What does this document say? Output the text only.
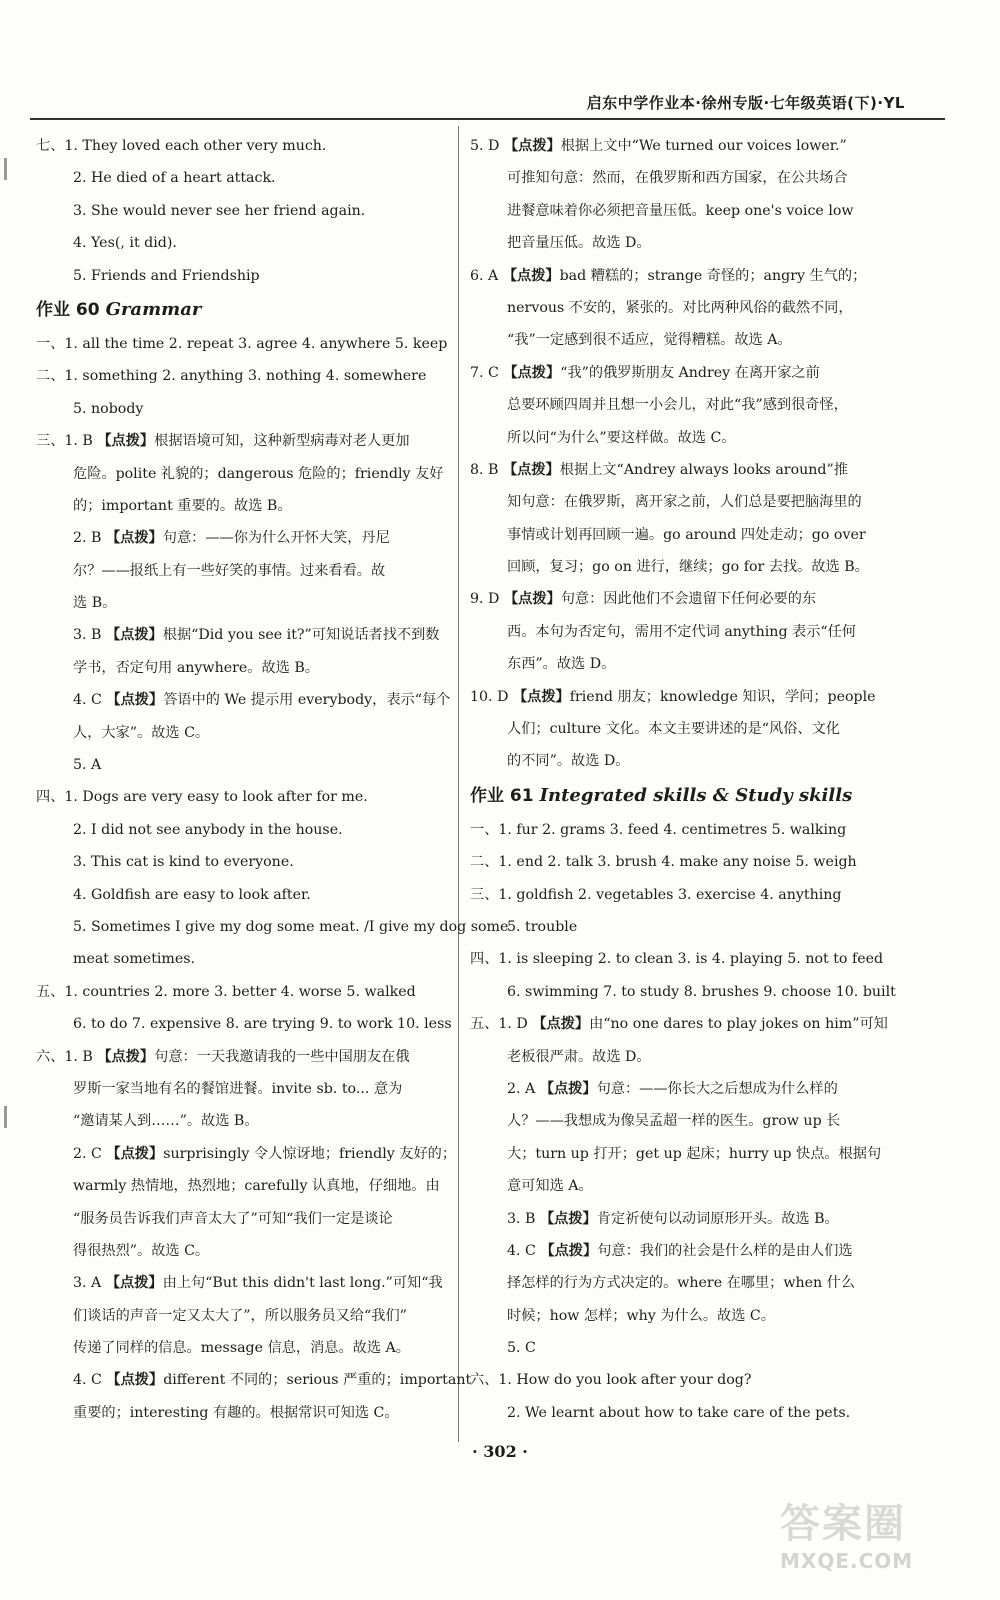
启东中学作业本·徐州专版·七年级英语(下)·YL
七、1. They loved each other very much.
2. He died of a heart attack.
3. She would never see her friend again.
4. Yes(, it did).
5. Friends and Friendship
作业 60 Grammar
一、1. all the time 2. repeat 3. agree 4. anywhere 5. keep
二、1. something 2. anything 3. nothing 4. somewhere
5. nobody
三、1. B 【点拨】根据语境可知，这种新型病毒对老人更加
危险。polite 礼貌的；dangerous 危险的；friendly 友好
的；important 重要的。故选 B。
2. B 【点拨】句意：——你为什么开怀大笑，丹尼
尔？——报纸上有一些好笑的事情。过来看看。故
选 B。
3. B 【点拨】根据“Did you see it?”可知说话者找不到数
学书，否定句用 anywhere。故选 B。
4. C 【点拨】答语中的 We 提示用 everybody，表示“每个
人，大家”。故选 C。
5. A
四、1. Dogs are very easy to look after for me.
2. I did not see anybody in the house.
3. This cat is kind to everyone.
4. Goldfish are easy to look after.
5. Sometimes I give my dog some meat. /I give my dog some
meat sometimes.
五、1. countries 2. more 3. better 4. worse 5. walked
6. to do 7. expensive 8. are trying 9. to work 10. less
六、1. B 【点拨】句意：一天我邀请我的一些中国朋友在俄
罗斯一家当地有名的餐馆进餐。invite sb. to... 意为
“邀请某人到……”。故选 B。
2. C 【点拨】surprisingly 令人惊讶地；friendly 友好的；
warmly 热情地，热烈地；carefully 认真地，仔细地。由
“服务员告诉我们声音太大了”可知“我们一定是谈论
得很热烈”。故选 C。
3. A 【点拨】由上句“But this didn't last long.”可知“我
们谈话的声音一定又太大了”，所以服务员又给“我们”
传递了同样的信息。message 信息，消息。故选 A。
4. C 【点拨】different 不同的；serious 严重的；important
重要的；interesting 有趣的。根据常识可知选 C。
5. D 【点拨】根据上文中“We turned our voices lower.”
可推知句意：然而，在俄罗斯和西方国家，在公共场合
进餐意味着你必须把音量压低。keep one's voice low
把音量压低。故选 D。
6. A 【点拨】bad 糟糕的；strange 奇怪的；angry 生气的；
nervous 不安的，紧张的。对比两种风俗的截然不同，
“我”一定感到很不适应，觉得糟糕。故选 A。
7. C 【点拨】“我”的俄罗斯朋友 Andrey 在离开家之前
总要环顾四周并且想一小会儿，对此“我”感到很奇怪，
所以问“为什么”要这样做。故选 C。
8. B 【点拨】根据上文“Andrey always looks around”推
知句意：在俄罗斯，离开家之前，人们总是要把脑海里的
事情或计划再回顾一遍。go around 四处走动；go over
回顾，复习；go on 进行，继续；go for 去找。故选 B。
9. D 【点拨】句意：因此他们不会遗留下任何必要的东
西。本句为否定句，需用不定代词 anything 表示“任何
东西”。故选 D。
10. D 【点拨】friend 朋友；knowledge 知识，学问；people
人们；culture 文化。本文主要讲述的是“风俗、文化
的不同”。故选 D。
作业 61 Integrated skills & Study skills
一、1. fur 2. grams 3. feed 4. centimetres 5. walking
二、1. end 2. talk 3. brush 4. make any noise 5. weigh
三、1. goldfish 2. vegetables 3. exercise 4. anything
5. trouble
四、1. is sleeping 2. to clean 3. is 4. playing 5. not to feed
6. swimming 7. to study 8. brushes 9. choose 10. built
五、1. D 【点拨】由“no one dares to play jokes on him”可知
老板很严肃。故选 D。
2. A 【点拨】句意：——你长大之后想成为什么样的
人？——我想成为像吴孟超一样的医生。grow up 长
大；turn up 打开；get up 起床；hurry up 快点。根据句
意可知选 A。
3. B 【点拨】肯定祈使句以动词原形开头。故选 B。
4. C 【点拨】句意：我们的社会是什么样的是由人们选
择怎样的行为方式决定的。where 在哪里；when 什么
时候；how 怎样；why 为什么。故选 C。
5. C
六、1. How do you look after your dog?
2. We learnt about how to take care of the pets.
· 302 ·
答案圈
MXQE.COM
